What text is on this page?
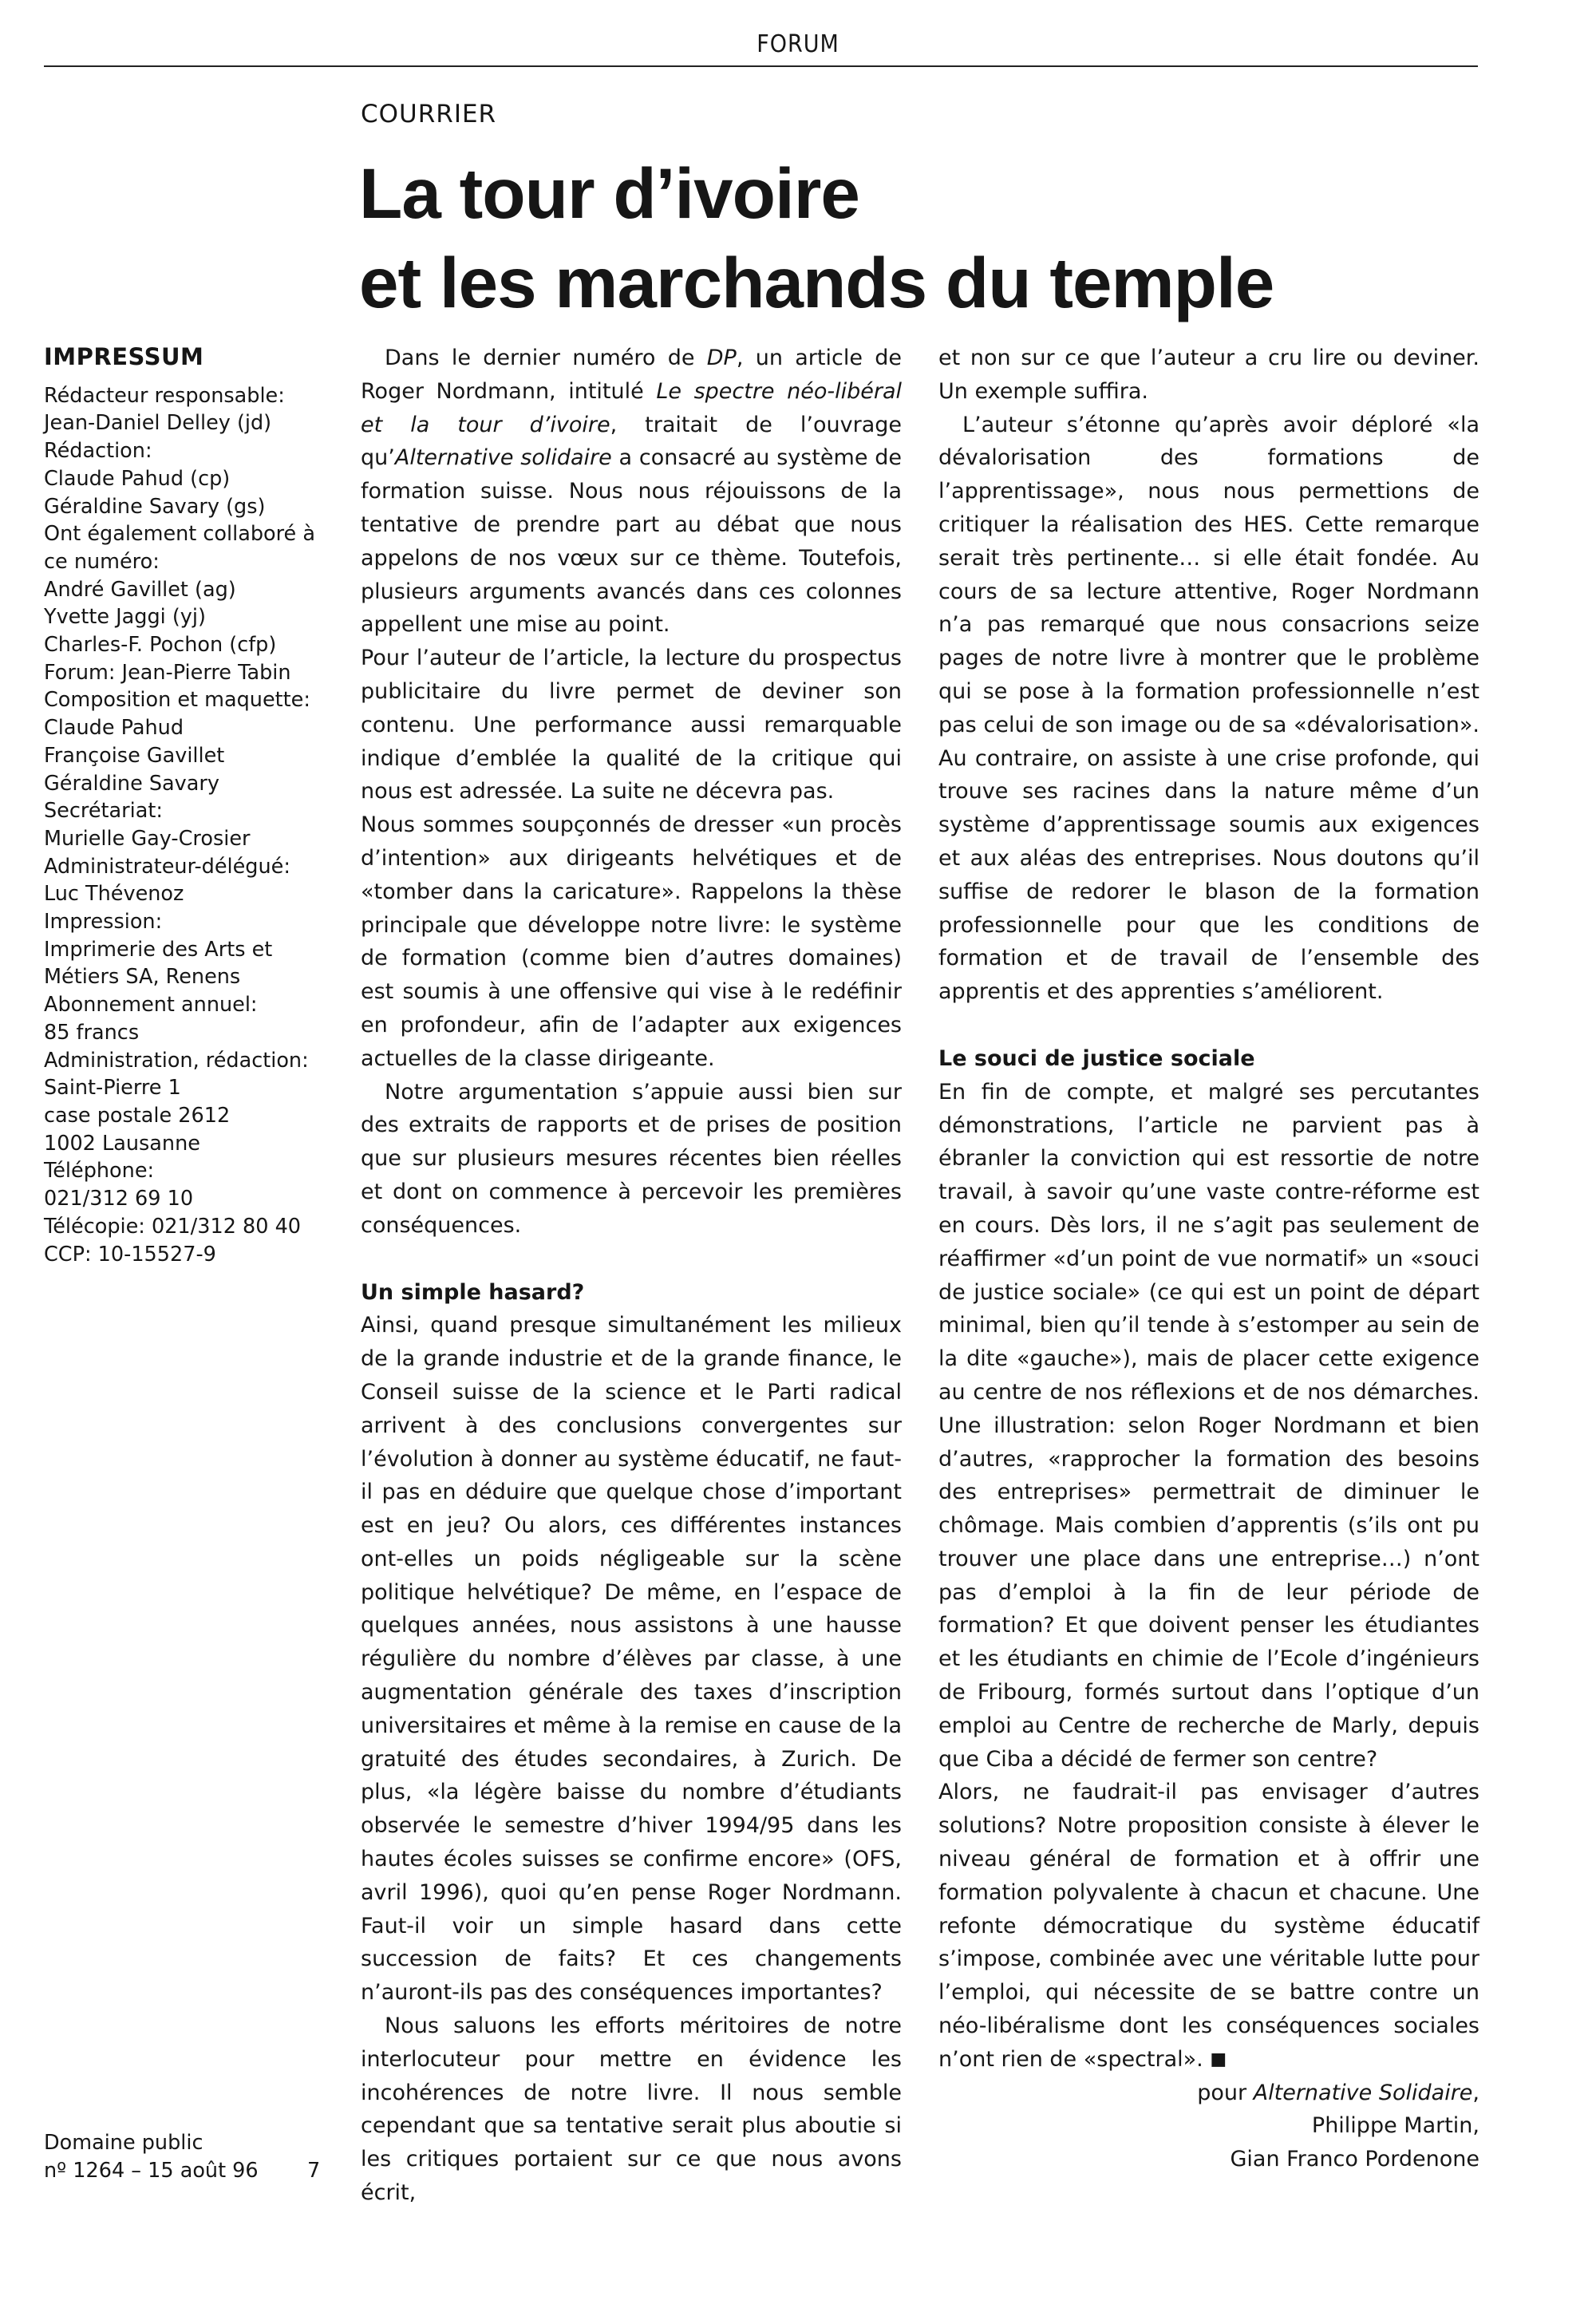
FORUM
COURRIER
La tour d’ivoire
et les marchands du temple
IMPRESSUM
Rédacteur responsable:
Jean-Daniel Delley (jd)
Rédaction:
Claude Pahud (cp)
Géraldine Savary (gs)
Ont également collaboré à
ce numéro:
André Gavillet (ag)
Yvette Jaggi (yj)
Charles-F. Pochon (cfp)
Forum: Jean-Pierre Tabin
Composition et maquette:
Claude Pahud
Françoise Gavillet
Géraldine Savary
Secrétariat:
Murielle Gay-Crosier
Administrateur-délégué:
Luc Thévenoz
Impression:
Imprimerie des Arts et
Métiers SA, Renens
Abonnement annuel:
85 francs
Administration, rédaction:
Saint-Pierre 1
case postale 2612
1002 Lausanne
Téléphone:
021/312 69 10
Télécopie: 021/312 80 40
CCP: 10-15527-9
Domaine public
nº 1264 – 15 août 96	7

Dans le dernier numéro de DP, un article de Roger Nordmann, intitulé Le spectre néo-libéral et la tour d’ivoire, traitait de l’ouvrage qu’Alternative solidaire a consacré au système de formation suisse. Nous nous réjouissons de la tentative de prendre part au débat que nous appelons de nos vœux sur ce thème. Toutefois, plusieurs arguments avancés dans ces colonnes appellent une mise au point.

Pour l’auteur de l’article, la lecture du prospectus publicitaire du livre permet de deviner son contenu. Une performance aussi remarquable indique d’emblée la qualité de la critique qui nous est adressée. La suite ne décevra pas.

Nous sommes soupçonnés de dresser «un procès d’intention» aux dirigeants helvétiques et de «tomber dans la caricature». Rappelons la thèse principale que développe notre livre: le système de formation (comme bien d’autres domaines) est soumis à une offensive qui vise à le redéfinir en profondeur, afin de l’adapter aux exigences actuelles de la classe dirigeante.

Notre argumentation s’appuie aussi bien sur des extraits de rapports et de prises de position que sur plusieurs mesures récentes bien réelles et dont on commence à percevoir les premières conséquences.

Un simple hasard?

Ainsi, quand presque simultanément les milieux de la grande industrie et de la grande finance, le Conseil suisse de la science et le Parti radical arrivent à des conclusions convergentes sur l’évolution à donner au système éducatif, ne faut-il pas en déduire que quelque chose d’important est en jeu? Ou alors, ces différentes instances ont-elles un poids négligeable sur la scène politique helvétique? De même, en l’espace de quelques années, nous assistons à une hausse régulière du nombre d’élèves par classe, à une augmentation générale des taxes d’inscription universitaires et même à la remise en cause de la gratuité des études secondaires, à Zurich. De plus, «la légère baisse du nombre d’étudiants observée le semestre d’hiver 1994/95 dans les hautes écoles suisses se confirme encore» (OFS, avril 1996), quoi qu’en pense Roger Nordmann. Faut-il voir un simple hasard dans cette succession de faits? Et ces changements n’auront-ils pas des conséquences importantes?

Nous saluons les efforts méritoires de notre interlocuteur pour mettre en évidence les incohérences de notre livre. Il nous semble cependant que sa tentative serait plus aboutie si les critiques portaient sur ce que nous avons écrit,

et non sur ce que l’auteur a cru lire ou deviner. Un exemple suffira.

L’auteur s’étonne qu’après avoir déploré «la dévalorisation des formations de l’apprentissage», nous nous permettions de critiquer la réalisation des HES. Cette remarque serait très pertinente… si elle était fondée. Au cours de sa lecture attentive, Roger Nordmann n’a pas remarqué que nous consacrions seize pages de notre livre à montrer que le problème qui se pose à la formation professionnelle n’est pas celui de son image ou de sa «dévalorisation». Au contraire, on assiste à une crise profonde, qui trouve ses racines dans la nature même d’un système d’apprentissage soumis aux exigences et aux aléas des entreprises. Nous doutons qu’il suffise de redorer le blason de la formation professionnelle pour que les conditions de formation et de travail de l’ensemble des apprentis et des apprenties s’améliorent.

Le souci de justice sociale

En fin de compte, et malgré ses percutantes démonstrations, l’article ne parvient pas à ébranler la conviction qui est ressortie de notre travail, à savoir qu’une vaste contre-réforme est en cours. Dès lors, il ne s’agit pas seulement de réaffirmer «d’un point de vue normatif» un «souci de justice sociale» (ce qui est un point de départ minimal, bien qu’il tende à s’estomper au sein de la dite «gauche»), mais de placer cette exigence au centre de nos réflexions et de nos démarches. Une illustration: selon Roger Nordmann et bien d’autres, «rapprocher la formation des besoins des entreprises» permettrait de diminuer le chômage. Mais combien d’apprentis (s’ils ont pu trouver une place dans une entreprise…) n’ont pas d’emploi à la fin de leur période de formation? Et que doivent penser les étudiantes et les étudiants en chimie de l’Ecole d’ingénieurs de Fribourg, formés surtout dans l’optique d’un emploi au Centre de recherche de Marly, depuis que Ciba a décidé de fermer son centre?

Alors, ne faudrait-il pas envisager d’autres solutions? Notre proposition consiste à élever le niveau général de formation et à offrir une formation polyvalente à chacun et chacune. Une refonte démocratique du système éducatif s’impose, combinée avec une véritable lutte pour l’emploi, qui nécessite de se battre contre un néo-libéralisme dont les conséquences sociales n’ont rien de «spectral». ■

pour Alternative Solidaire,
Philippe Martin,
Gian Franco Pordenone
